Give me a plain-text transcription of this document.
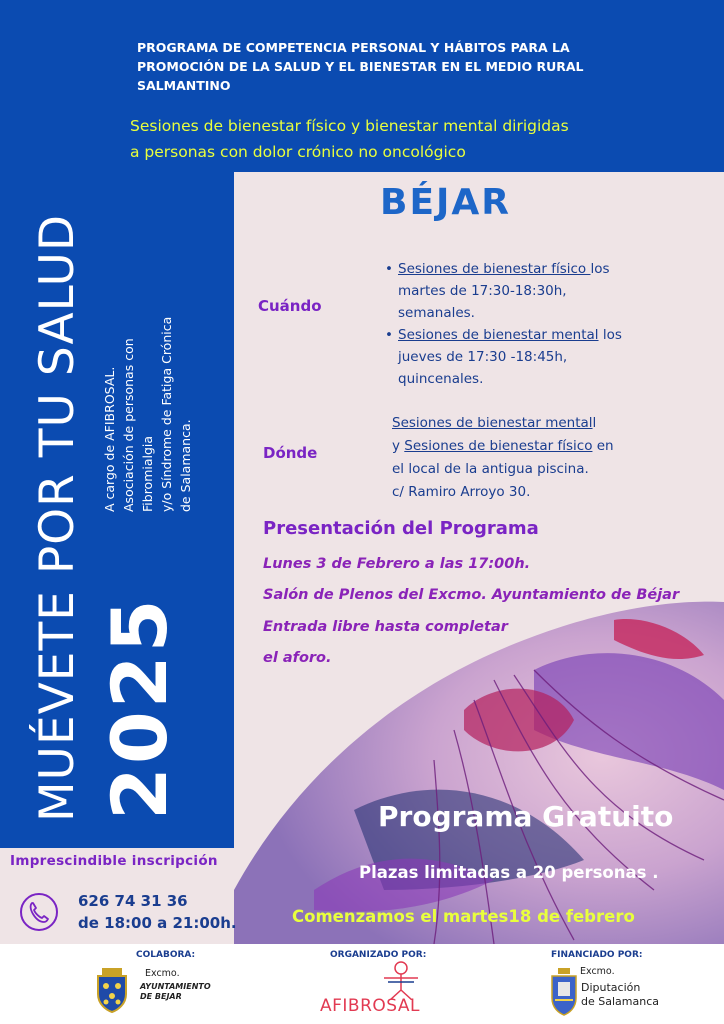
PROGRAMA DE COMPETENCIA PERSONAL Y HÁBITOS PARA LA
PROMOCIÓN DE LA SALUD Y EL BIENESTAR EN EL MEDIO RURAL
SALMANTINO
Sesiones de bienestar físico y bienestar mental dirigidas
a personas con dolor crónico no oncológico
MUÉVETE POR TU SALUD 2025
A cargo de AFIBROSAL. Asociación de personas con Fibromialgia y/o Síndrome de Fatiga Crónica de Salamanca.
BÉJAR
Cuándo
• Sesiones de bienestar físico los
martes de 17:30-18:30h,
semanales.
• Sesiones de bienestar mental los
jueves de 17:30 -18:45h,
quincenales.
Dónde
Sesiones de bienestar mentall
y Sesiones de bienestar físico en
el local de la antigua piscina.
c/ Ramiro Arroyo 30.
Presentación del Programa
Lunes 3 de Febrero a las 17:00h.
Salón de Plenos del Excmo. Ayuntamiento de Béjar
Entrada libre hasta completar
el aforo.
Programa Gratuito
Plazas limitadas a 20 personas .
Comenzamos el martes18 de febrero
Imprescindible inscripción
626 74 31 36
de 18:00 a 21:00h.
COLABORA:	ORGANIZADO POR:	FINANCIADO POR:
Excmo.
AYUNTAMIENTO
DE BEJAR	AFIBROSAL
Excmo.
Diputación
de Salamanca
